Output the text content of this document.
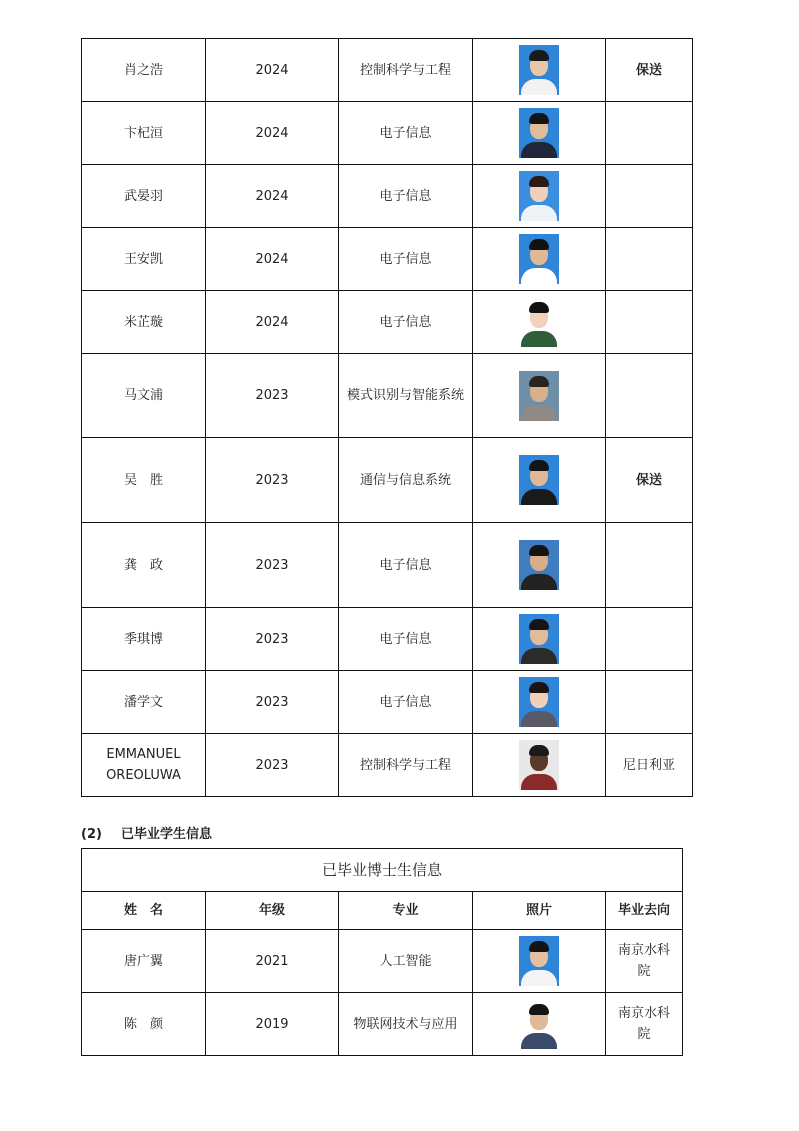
肖之浩	2024	控制科学与工程		保送
卞杞洹	2024	电子信息	

武晏羽	2024	电子信息	

王安凯	2024	电子信息	

米芷璇	2024	电子信息	

马文浦	2023	模式识别与智能系统	

吴　胜	2023	通信与信息系统		保送
龚　政	2023	电子信息	

季琪博	2023	电子信息	

潘学文	2023	电子信息	

EMMANUEL
OREOLUWA	2023	控制科学与工程		尼日利亚

(2) 已毕业学生信息

已毕业博士生信息				
姓　名	年级	专业	照片	毕业去向
唐广翼	2021	人工智能		南京水科
院
陈　颜	2019	物联网技术与应用		南京水科
院
